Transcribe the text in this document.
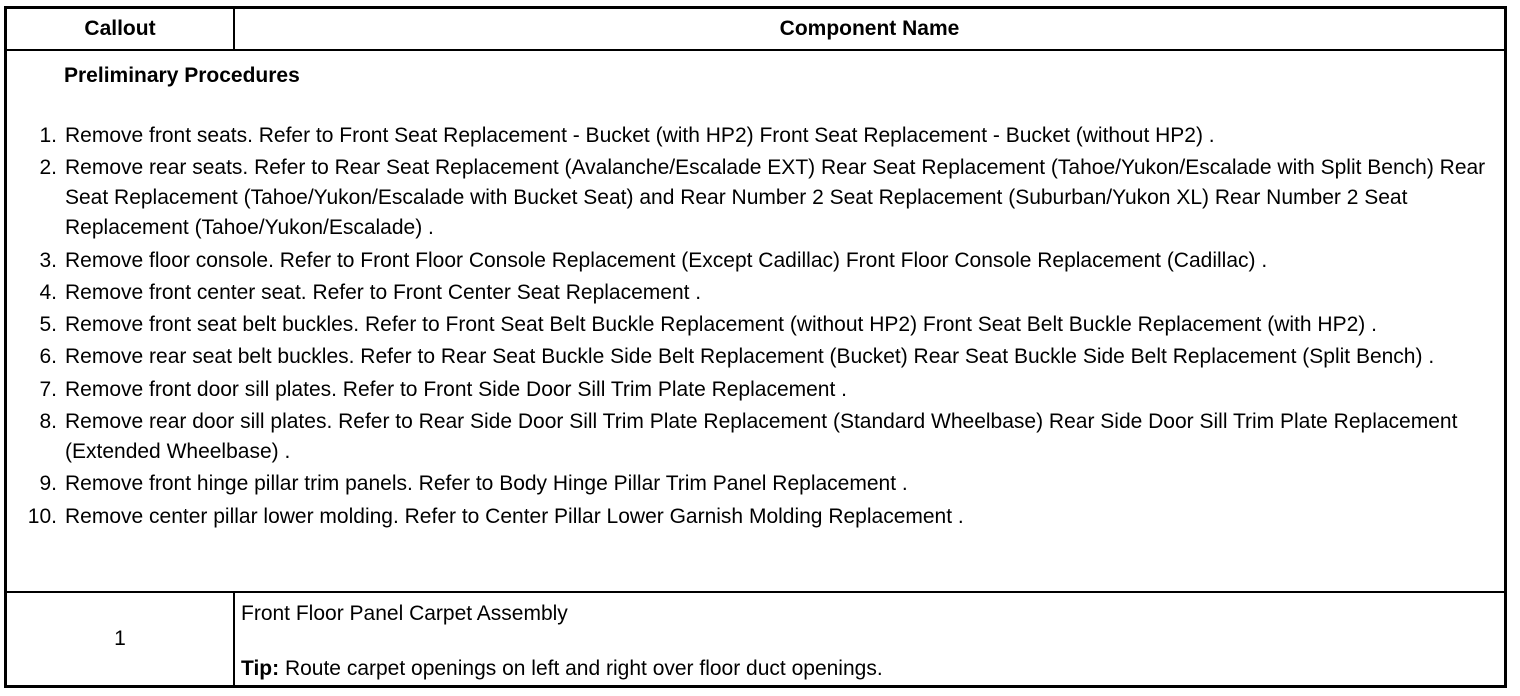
Callout	Component Name
Preliminary Procedures
1. Remove front seats. Refer to Front Seat Replacement - Bucket (with HP2) Front Seat Replacement - Bucket (without HP2) .
2. Remove rear seats. Refer to Rear Seat Replacement (Avalanche/Escalade EXT) Rear Seat Replacement (Tahoe/Yukon/Escalade with Split Bench) Rear Seat Replacement (Tahoe/Yukon/Escalade with Bucket Seat) and Rear Number 2 Seat Replacement (Suburban/Yukon XL) Rear Number 2 Seat Replacement (Tahoe/Yukon/Escalade) .
3. Remove floor console. Refer to Front Floor Console Replacement (Except Cadillac) Front Floor Console Replacement (Cadillac) .
4. Remove front center seat. Refer to Front Center Seat Replacement .
5. Remove front seat belt buckles. Refer to Front Seat Belt Buckle Replacement (without HP2) Front Seat Belt Buckle Replacement (with HP2) .
6. Remove rear seat belt buckles. Refer to Rear Seat Buckle Side Belt Replacement (Bucket) Rear Seat Buckle Side Belt Replacement (Split Bench) .
7. Remove front door sill plates. Refer to Front Side Door Sill Trim Plate Replacement .
8. Remove rear door sill plates. Refer to Rear Side Door Sill Trim Plate Replacement (Standard Wheelbase) Rear Side Door Sill Trim Plate Replacement (Extended Wheelbase) .
9. Remove front hinge pillar trim panels. Refer to Body Hinge Pillar Trim Panel Replacement .
10. Remove center pillar lower molding. Refer to Center Pillar Lower Garnish Molding Replacement .
1
Front Floor Panel Carpet Assembly
Tip: Route carpet openings on left and right over floor duct openings.
